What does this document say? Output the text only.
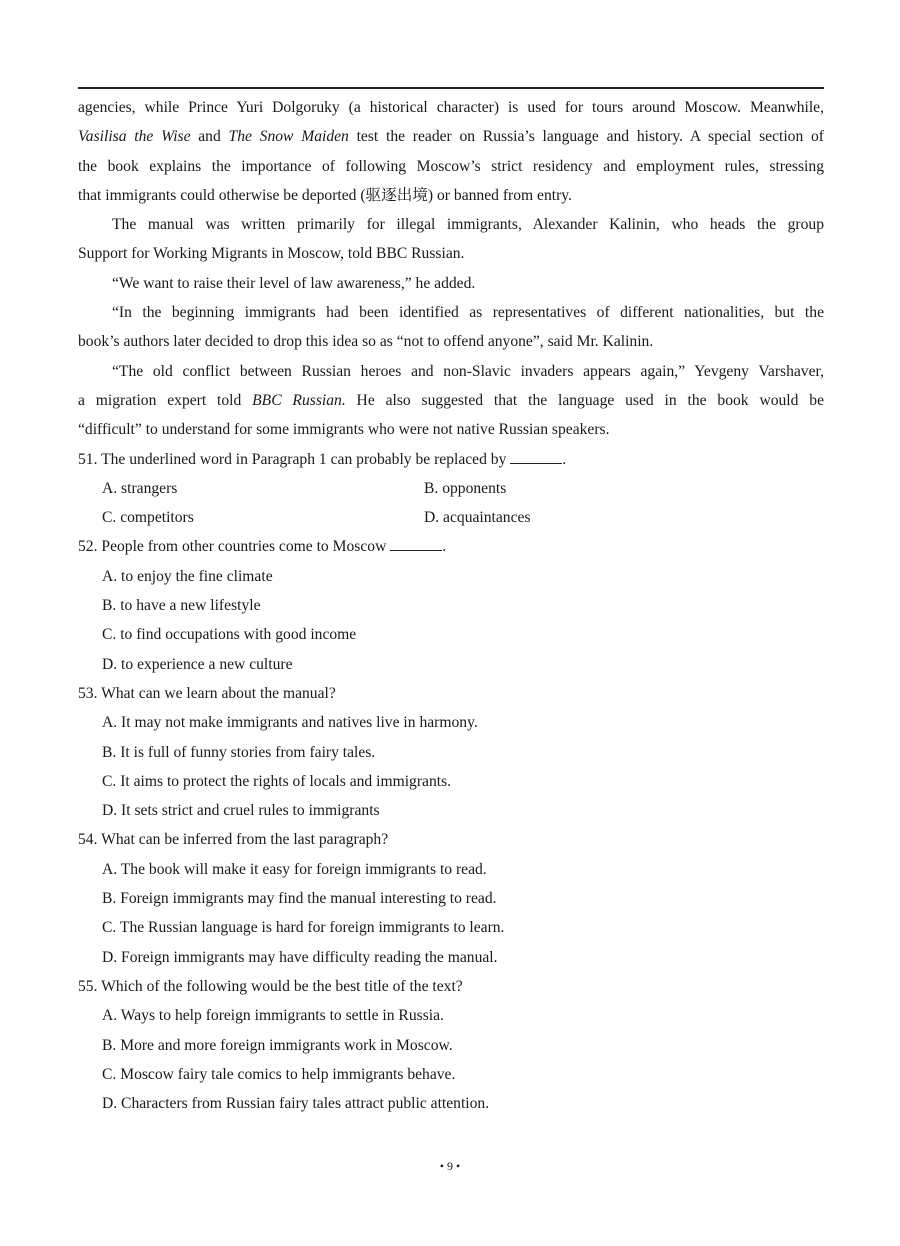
agencies, while Prince Yuri Dolgoruky (a historical character) is used for tours around Moscow. Meanwhile,
Vasilisa the Wise and The Snow Maiden test the reader on Russia’s language and history. A special section of
the book explains the importance of following Moscow’s strict residency and employment rules, stressing
that immigrants could otherwise be deported (驱逐出境) or banned from entry.
The manual was written primarily for illegal immigrants, Alexander Kalinin, who heads the group
Support for Working Migrants in Moscow, told BBC Russian.
“We want to raise their level of law awareness,” he added.
“In the beginning immigrants had been identified as representatives of different nationalities, but the
book’s authors later decided to drop this idea so as “not to offend anyone”, said Mr. Kalinin.
“The old conflict between Russian heroes and non-Slavic invaders appears again,” Yevgeny Varshaver,
a migration expert told BBC Russian. He also suggested that the language used in the book would be
“difficult” to understand for some immigrants who were not native Russian speakers.
51. The underlined word in Paragraph 1 can probably be replaced by	.
A. strangers	B. opponents
C. competitors	D. acquaintances
52. People from other countries come to Moscow	.
A. to enjoy the fine climate
B. to have a new lifestyle
C. to find occupations with good income
D. to experience a new culture
53. What can we learn about the manual?
A. It may not make immigrants and natives live in harmony.
B. It is full of funny stories from fairy tales.
C. It aims to protect the rights of locals and immigrants.
D. It sets strict and cruel rules to immigrants
54. What can be inferred from the last paragraph?
A. The book will make it easy for foreign immigrants to read.
B. Foreign immigrants may find the manual interesting to read.
C. The Russian language is hard for foreign immigrants to learn.
D. Foreign immigrants may have difficulty reading the manual.
55. Which of the following would be the best title of the text?
A. Ways to help foreign immigrants to settle in Russia.
B. More and more foreign immigrants work in Moscow.
C. Moscow fairy tale comics to help immigrants behave.
D. Characters from Russian fairy tales attract public attention.
• 9 •
